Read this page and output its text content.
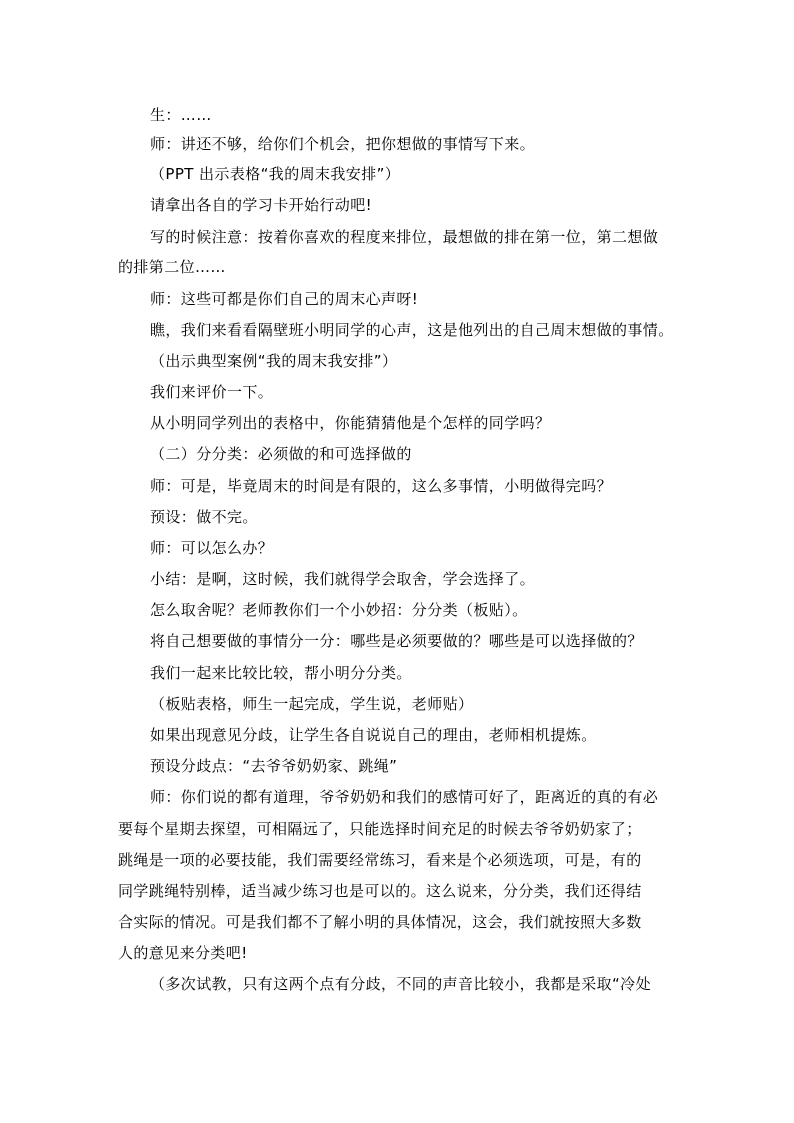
生：……
师：讲还不够，给你们个机会，把你想做的事情写下来。
（PPT 出示表格“我的周末我安排”）
请拿出各自的学习卡开始行动吧!
写的时候注意：按着你喜欢的程度来排位，最想做的排在第一位，第二想做
的排第二位……
师：这些可都是你们自己的周末心声呀!
瞧，我们来看看隔壁班小明同学的心声，这是他列出的自己周末想做的事情。
（出示典型案例“我的周末我安排”）
我们来评价一下。
从小明同学列出的表格中，你能猜猜他是个怎样的同学吗？
（二）分分类：必须做的和可选择做的
师：可是，毕竟周末的时间是有限的，这么多事情，小明做得完吗？
预设：做不完。
师：可以怎么办？
小结：是啊，这时候，我们就得学会取舍，学会选择了。
怎么取舍呢？老师教你们一个小妙招：分分类（板贴）。
将自己想要做的事情分一分：哪些是必须要做的？哪些是可以选择做的？
我们一起来比较比较，帮小明分分类。
（板贴表格，师生一起完成，学生说，老师贴）
如果出现意见分歧，让学生各自说说自己的理由，老师相机提炼。
预设分歧点：“去爷爷奶奶家、跳绳”
师：你们说的都有道理，爷爷奶奶和我们的感情可好了，距离近的真的有必
要每个星期去探望，可相隔远了，只能选择时间充足的时候去爷爷奶奶家了；
跳绳是一项的必要技能，我们需要经常练习，看来是个必须选项，可是，有的
同学跳绳特别棒，适当减少练习也是可以的。这么说来，分分类，我们还得结
合实际的情况。可是我们都不了解小明的具体情况，这会，我们就按照大多数
人的意见来分类吧!
（多次试教，只有这两个点有分歧，不同的声音比较小，我都是采取“冷处
